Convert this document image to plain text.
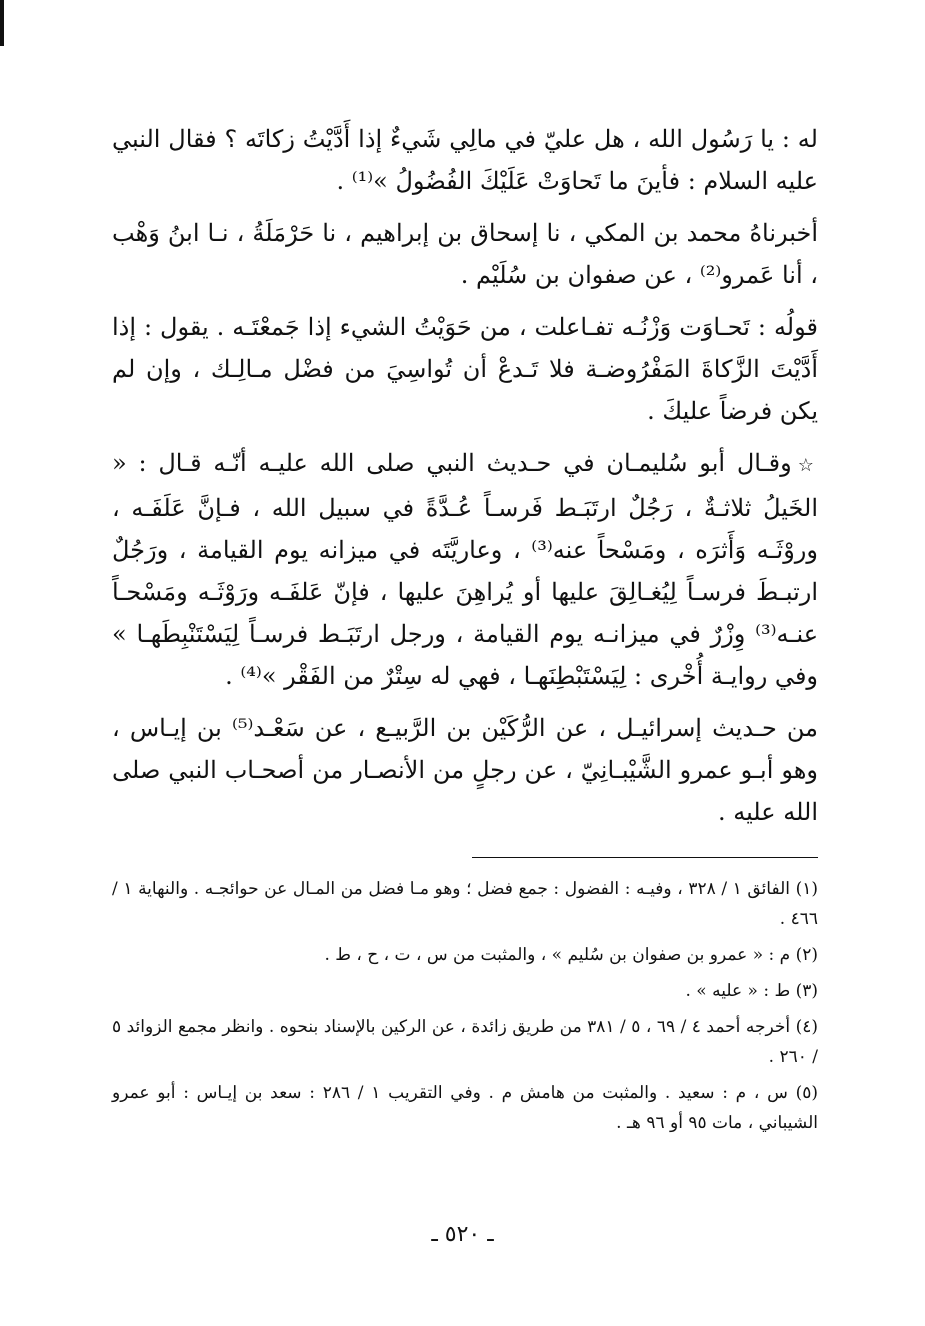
له : يا رَسُول الله ، هل عليّ في مالِي شَيءٌ إذا أَدَّيْتُ زكاتَه ؟ فقال النبي عليه السلام : فأينَ ما تَحاوَتْ عَلَيْكَ الفُضُولُ »⁽¹⁾ .

أخبرناهُ محمد بن المكي ، نا إسحاق بن إبراهيم ، نا حَرْمَلَةُ ، نـا ابنُ وَهْب ، أنا عَمرو⁽²⁾ ، عن صفوان بن سُلَيْم .

قولُه : تَحـاوَت وَزْنُـه تفـاعلت ، من حَوَيْتُ الشيء إذا جَمعْتَـه . يقول : إذا أَدَّيْتَ الزَّكاةَ المَفْرُوضـة فلا تَـدعْ أن تُواسِيَ من فضْل مـالِـك ، وإن لم يكن فرضاً عليكَ .

☆وقـال أبو سُليمـان في حـديث النبي صلى الله عليـه أنّـه قـال : « الخَيلُ ثلاثـةٌ ، رَجُلٌ ارتَبَـط فَرسـاً عُـدَّةً في سبيل الله ، فـإنَّ عَلَفَـه ، وروْثَـه وَأَثرَه ، ومَسْحاً عنه⁽³⁾ ، وعاريَّتَه في ميزانه يوم القيامة ، ورَجُلٌ ارتبـطَ فرسـاً لِيُغـالِقَ عليها أو يُراهِنَ عليها ، فإنّ عَلفَـه ورَوْثَـه ومَسْحـاً عنـه⁽³⁾ وِزْرٌ في ميزانـه يوم القيامة ، ورجل ارتَبَـط فرسـاً لِيَسْتَنْبِطَهـا » وفي روايـة أُخْرى : لِيَسْتَبْطِنَهـا ، فهي له سِتْرٌ من الفَقْر »⁽⁴⁾ .

من حـديث إسرائيـل ، عن الرُّكَيْن بن الرَّبيـع ، عن سَعْـد⁽⁵⁾ بن إيـاس ، وهو أبـو عمرو الشَّيْبـانِيّ ، عن رجلٍ من الأنصـار من أصحـاب النبي صلى الله عليه .

(١) الفائق ١ / ٣٢٨ ، وفيـه : الفضول : جمع فضل ؛ وهو مـا فضل من المـال عن حوائجـه . والنهاية ١ / ٤٦٦ .

(٢) م : « عمرو بن صفوان بن سُليم » ، والمثبت من س ، ت ، ح ، ط .

(٣) ط : « عليه » .

(٤) أخرجه أحمد ٤ / ٦٩ ، ٥ / ٣٨١ من طريق زائدة ، عن الركين بالإسناد بنحوه . وانظر مجمع الزوائد ٥ / ٢٦٠ .

(٥) س ، م : سعيد . والمثبت من هامش م . وفي التقريب ١ / ٢٨٦ : سعد بن إيـاس : أبو عمرو الشيباني ، مات ٩٥ أو ٩٦ هـ .

ـ ٥٢٠ ـ
